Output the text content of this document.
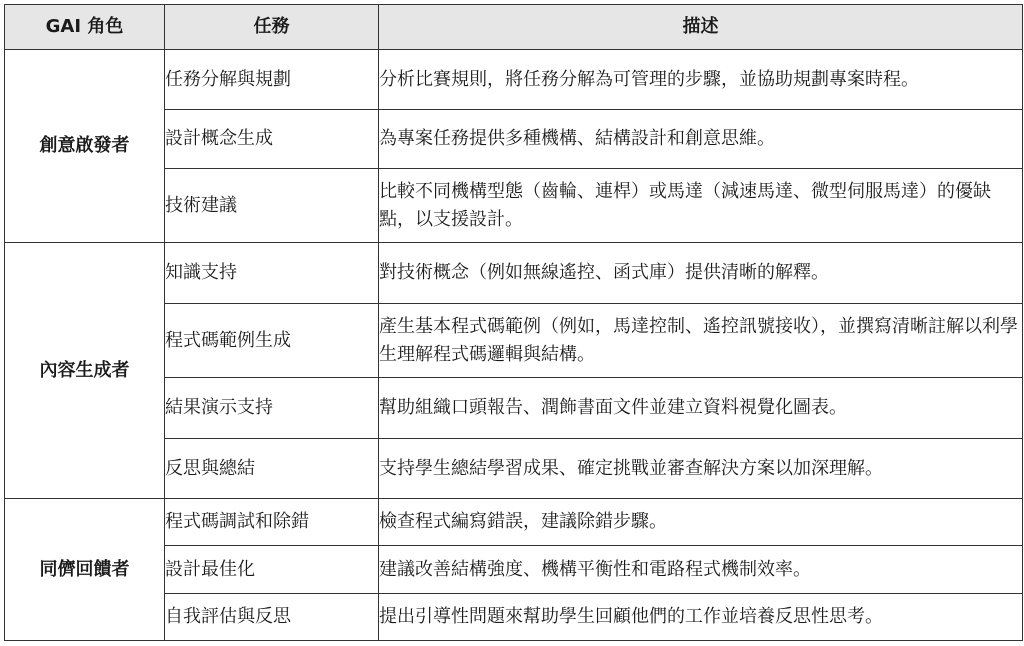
GAI 角色	任務	描述
創意啟發者	任務分解與規劃	分析比賽規則，將任務分解為可管理的步驟，並協助規劃專案時程。
	設計概念生成	為專案任務提供多種機構、結構設計和創意思維。
	技術建議	比較不同機構型態（齒輪、連桿）或馬達（減速馬達、微型伺服馬達）的優缺點，以支援設計。
內容生成者	知識支持	對技術概念（例如無線遙控、函式庫）提供清晰的解釋。
	程式碼範例生成	產生基本程式碼範例（例如，馬達控制、遙控訊號接收），並撰寫清晰註解以利學生理解程式碼邏輯與結構。
	結果演示支持	幫助組織口頭報告、潤飾書面文件並建立資料視覺化圖表。
	反思與總結	支持學生總結學習成果、確定挑戰並審查解決方案以加深理解。
同儕回饋者	程式碼調試和除錯	檢查程式編寫錯誤，建議除錯步驟。
	設計最佳化	建議改善結構強度、機構平衡性和電路程式機制效率。
	自我評估與反思	提出引導性問題來幫助學生回顧他們的工作並培養反思性思考。
